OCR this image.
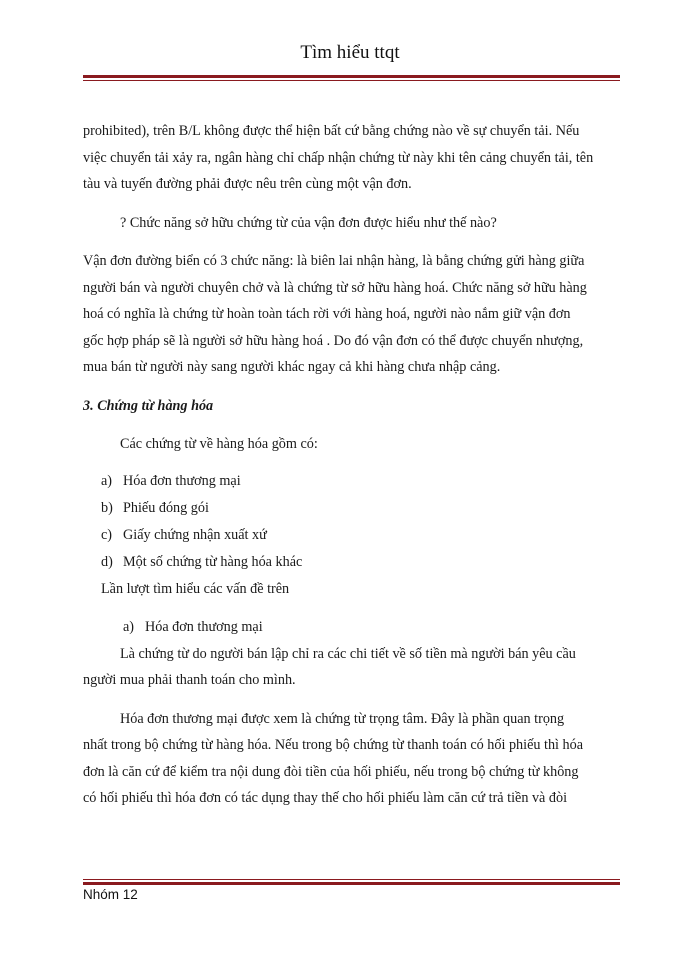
Tìm hiểu ttqt

prohibited), trên B/L không được thể hiện bất cứ bằng chứng nào về sự chuyển tải. Nếu

việc chuyển tải xảy ra, ngân hàng chỉ chấp nhận chứng từ này khi tên cảng chuyển tải, tên

tàu và tuyến đường phải được nêu trên cùng một vận đơn.

? Chức năng sở hữu chứng từ của vận đơn được hiểu như thế nào?

Vận đơn đường biển có 3 chức năng: là biên lai nhận hàng, là bằng chứng gửi hàng giữa

người bán và người chuyên chở và là chứng từ sở hữu hàng hoá. Chức năng sở hữu hàng

hoá có nghĩa là chứng từ hoàn toàn tách rời với hàng hoá, người nào nắm giữ vận đơn

gốc hợp pháp sẽ là người sở hữu hàng hoá . Do đó vận đơn có thể được chuyển nhượng,

mua bán từ người này sang người khác ngay cả khi hàng chưa nhập cảng.

3. Chứng từ hàng hóa

Các chứng từ về hàng hóa gồm có:

a) Hóa đơn thương mại

b) Phiếu đóng gói

c) Giấy chứng nhận xuất xứ

d) Một số chứng từ hàng hóa khác

Lần lượt tìm hiểu các vấn đề trên

a) Hóa đơn thương mại

Là chứng từ do người bán lập chỉ ra các chi tiết về số tiền mà người bán yêu cầu

người mua phải thanh toán cho mình.

Hóa đơn thương mại được xem là chứng từ trọng tâm. Đây là phần quan trọng

nhất trong bộ chứng từ hàng hóa. Nếu trong bộ chứng từ thanh toán có hối phiếu thì hóa

đơn là căn cứ để kiểm tra nội dung đòi tiền của hối phiếu, nếu trong bộ chứng từ không

có hối phiếu thì hóa đơn có tác dụng thay thế cho hối phiếu làm căn cứ trả tiền và đòi

Nhóm 12
